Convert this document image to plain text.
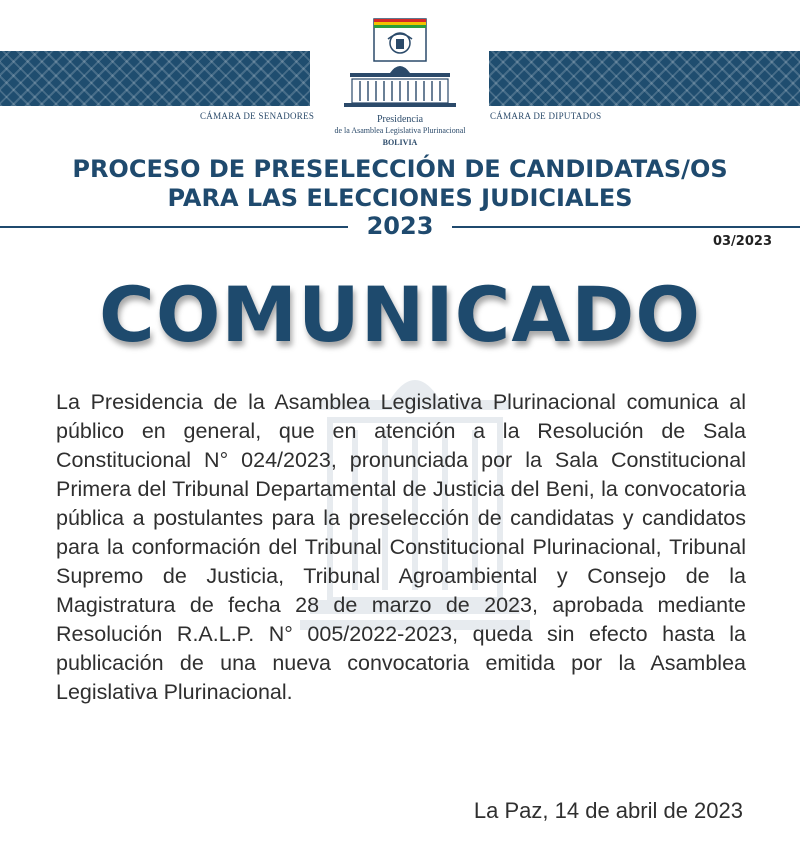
CÁMARA DE SENADORES	CÁMARA DE DIPUTADOS
Presidencia
de la Asamblea Legislativa Plurinacional
BOLIVIA
PROCESO DE PRESELECCIÓN DE CANDIDATAS/OS
PARA LAS ELECCIONES JUDICIALES
2023
03/2023
COMUNICADO
La Presidencia de la Asamblea Legislativa Plurinacional comunica al público en general, que en atención a la Resolución de Sala Constitucional N° 024/2023, pronunciada por la Sala Constitucional Primera del Tribunal Departamental de Justicia del Beni, la convocatoria pública a postulantes para la preselección de candidatas y candidatos para la conformación del Tribunal Constitucional Plurinacional, Tribunal Supremo de Justicia, Tribunal Agroambiental y Consejo de la Magistratura de fecha 28 de marzo de 2023, aprobada mediante Resolución R.A.L.P. N° 005/2022-2023, queda sin efecto hasta la publicación de una nueva convocatoria emitida por la Asamblea Legislativa Plurinacional.
La Paz, 14 de abril de 2023
